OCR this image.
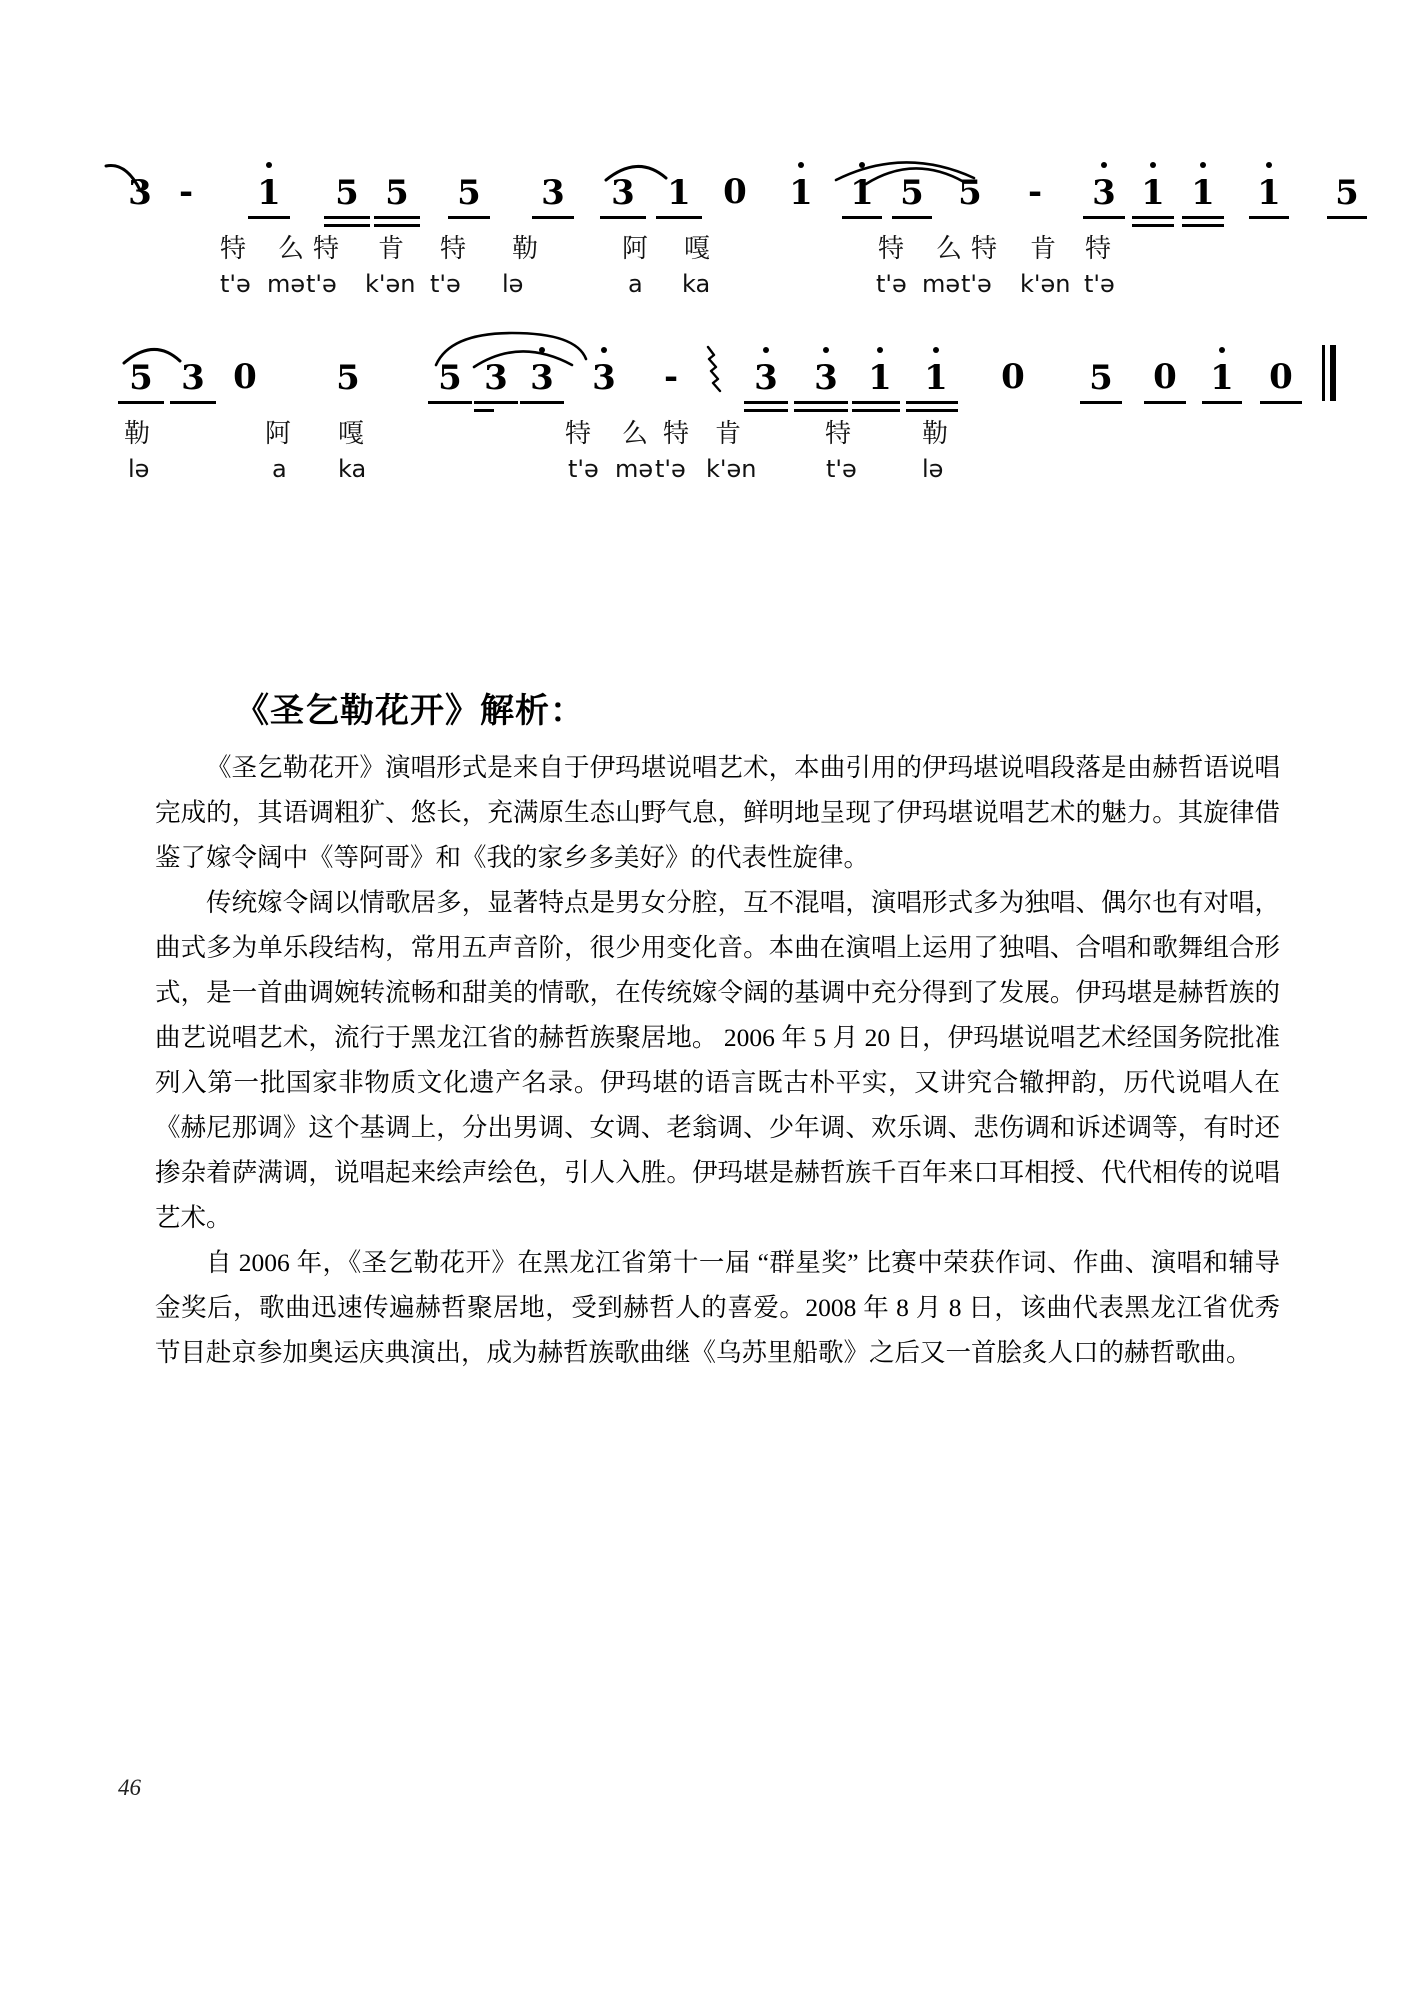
3 -	1 5 5 5 3 3 1 0 1 1 5 5 - 3 1 1 1 5
特 么 特 肯 特 勒	阿 嘎	特 么 特 肯 特
t'ə mə t'ə k'ən t'ə lə	a ka	t'ə mə t'ə k'ən t'ə
5 3 0 5 5 3 3 3 - 3 3 1 1 0 5 0 1 0
勒	阿 嘎	特 么 特 肯	特	勒
lə	a ka	t'ə mə t'ə k'ən	t'ə	lə
《圣乞勒花开》解析：

《圣乞勒花开》演唱形式是来自于伊玛堪说唱艺术，本曲引用的伊玛堪说唱段落是由赫哲语说唱完成的，其语调粗犷、悠长，充满原生态山野气息，鲜明地呈现了伊玛堪说唱艺术的魅力。其旋律借鉴了嫁令阔中《等阿哥》和《我的家乡多美好》的代表性旋律。

传统嫁令阔以情歌居多，显著特点是男女分腔，互不混唱，演唱形式多为独唱、偶尔也有对唱，曲式多为单乐段结构，常用五声音阶，很少用变化音。本曲在演唱上运用了独唱、合唱和歌舞组合形式，是一首曲调婉转流畅和甜美的情歌，在传统嫁令阔的基调中充分得到了发展。伊玛堪是赫哲族的曲艺说唱艺术，流行于黑龙江省的赫哲族聚居地。 2006 年 5 月 20 日，伊玛堪说唱艺术经国务院批准列入第一批国家非物质文化遗产名录。伊玛堪的语言既古朴平实，又讲究合辙押韵，历代说唱人在《赫尼那调》这个基调上，分出男调、女调、老翁调、少年调、欢乐调、悲伤调和诉述调等，有时还掺杂着萨满调，说唱起来绘声绘色，引人入胜。伊玛堪是赫哲族千百年来口耳相授、代代相传的说唱艺术。

自 2006 年，《圣乞勒花开》在黑龙江省第十一届 “群星奖” 比赛中荣获作词、作曲、演唱和辅导金奖后，歌曲迅速传遍赫哲聚居地，受到赫哲人的喜爱。2008 年 8 月 8 日，该曲代表黑龙江省优秀节目赴京参加奥运庆典演出，成为赫哲族歌曲继《乌苏里船歌》之后又一首脍炙人口的赫哲歌曲。

46
